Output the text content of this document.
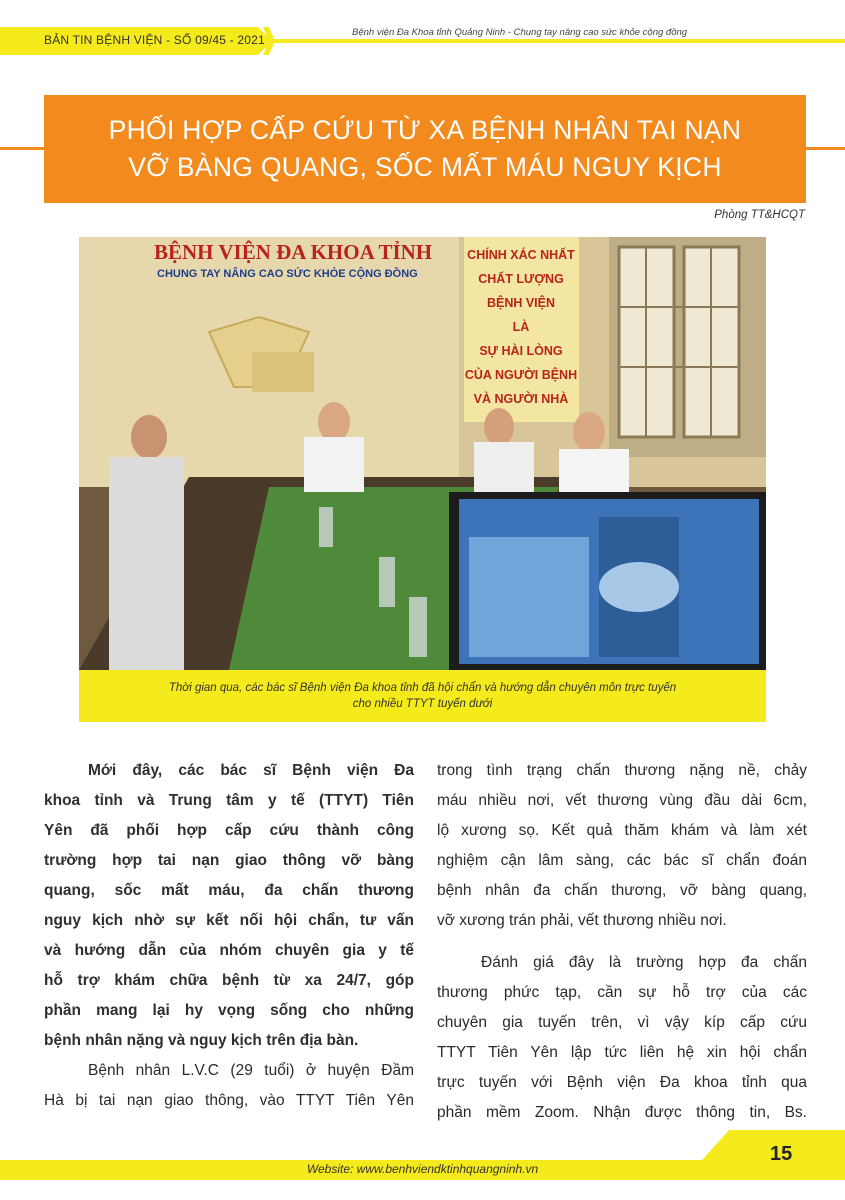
BẢN TIN BỆNH VIỆN - SỐ 09/45 - 2021
Bệnh viện Đa Khoa tỉnh Quảng Ninh - Chung tay nâng cao sức khỏe cộng đồng
PHỐI HỢP CẤP CỨU TỪ XA BỆNH NHÂN TAI NẠN
VỠ BÀNG QUANG, SỐC MẤT MÁU NGUY KỊCH
Phòng TT&HCQT
BỆNH VIỆN ĐA KHOA TỈNH
CHUNG TAY NÂNG CAO SỨC KHỎE CỘNG ĐỒNG
CHÍNH XÁC NHẤT
CHẤT LƯỢNG
BỆNH VIỆN
LÀ
SỰ HÀI LÒNG
CỦA NGƯỜI BỆNH
VÀ NGƯỜI NHÀ
Thời gian qua, các bác sĩ Bệnh viện Đa khoa tỉnh đã hội chẩn và hướng dẫn chuyên môn trực tuyến
cho nhiều TTYT tuyến dưới
Mới đây, các bác sĩ Bệnh viện Đa
khoa tỉnh và Trung tâm y tế (TTYT) Tiên
Yên đã phối hợp cấp cứu thành công
trường hợp tai nạn giao thông vỡ bàng
quang, sốc mất máu, đa chấn thương
nguy kịch nhờ sự kết nối hội chẩn, tư vấn
và hướng dẫn của nhóm chuyên gia y tế
hỗ trợ khám chữa bệnh từ xa 24/7, góp
phần mang lại hy vọng sống cho những
bệnh nhân nặng và nguy kịch trên địa bàn.
Bệnh nhân L.V.C (29 tuổi) ở huyện Đầm
Hà bị tai nạn giao thông, vào TTYT Tiên Yên
trong tình trạng chấn thương nặng nề, chảy
máu nhiều nơi, vết thương vùng đầu dài 6cm,
lộ xương sọ. Kết quả thăm khám và làm xét
nghiệm cận lâm sàng, các bác sĩ chẩn đoán
bệnh nhân đa chấn thương, vỡ bàng quang,
vỡ xương trán phải, vết thương nhiều nơi.
Đánh giá đây là trường hợp đa chấn
thương phức tạp, cần sự hỗ trợ của các
chuyên gia tuyến trên, vì vậy kíp cấp cứu
TTYT Tiên Yên lập tức liên hệ xin hội chẩn
trực tuyến với Bệnh viện Đa khoa tỉnh qua
phần mềm Zoom. Nhận được thông tin, Bs.
Website: www.benhviendktinhquangninh.vn
15
